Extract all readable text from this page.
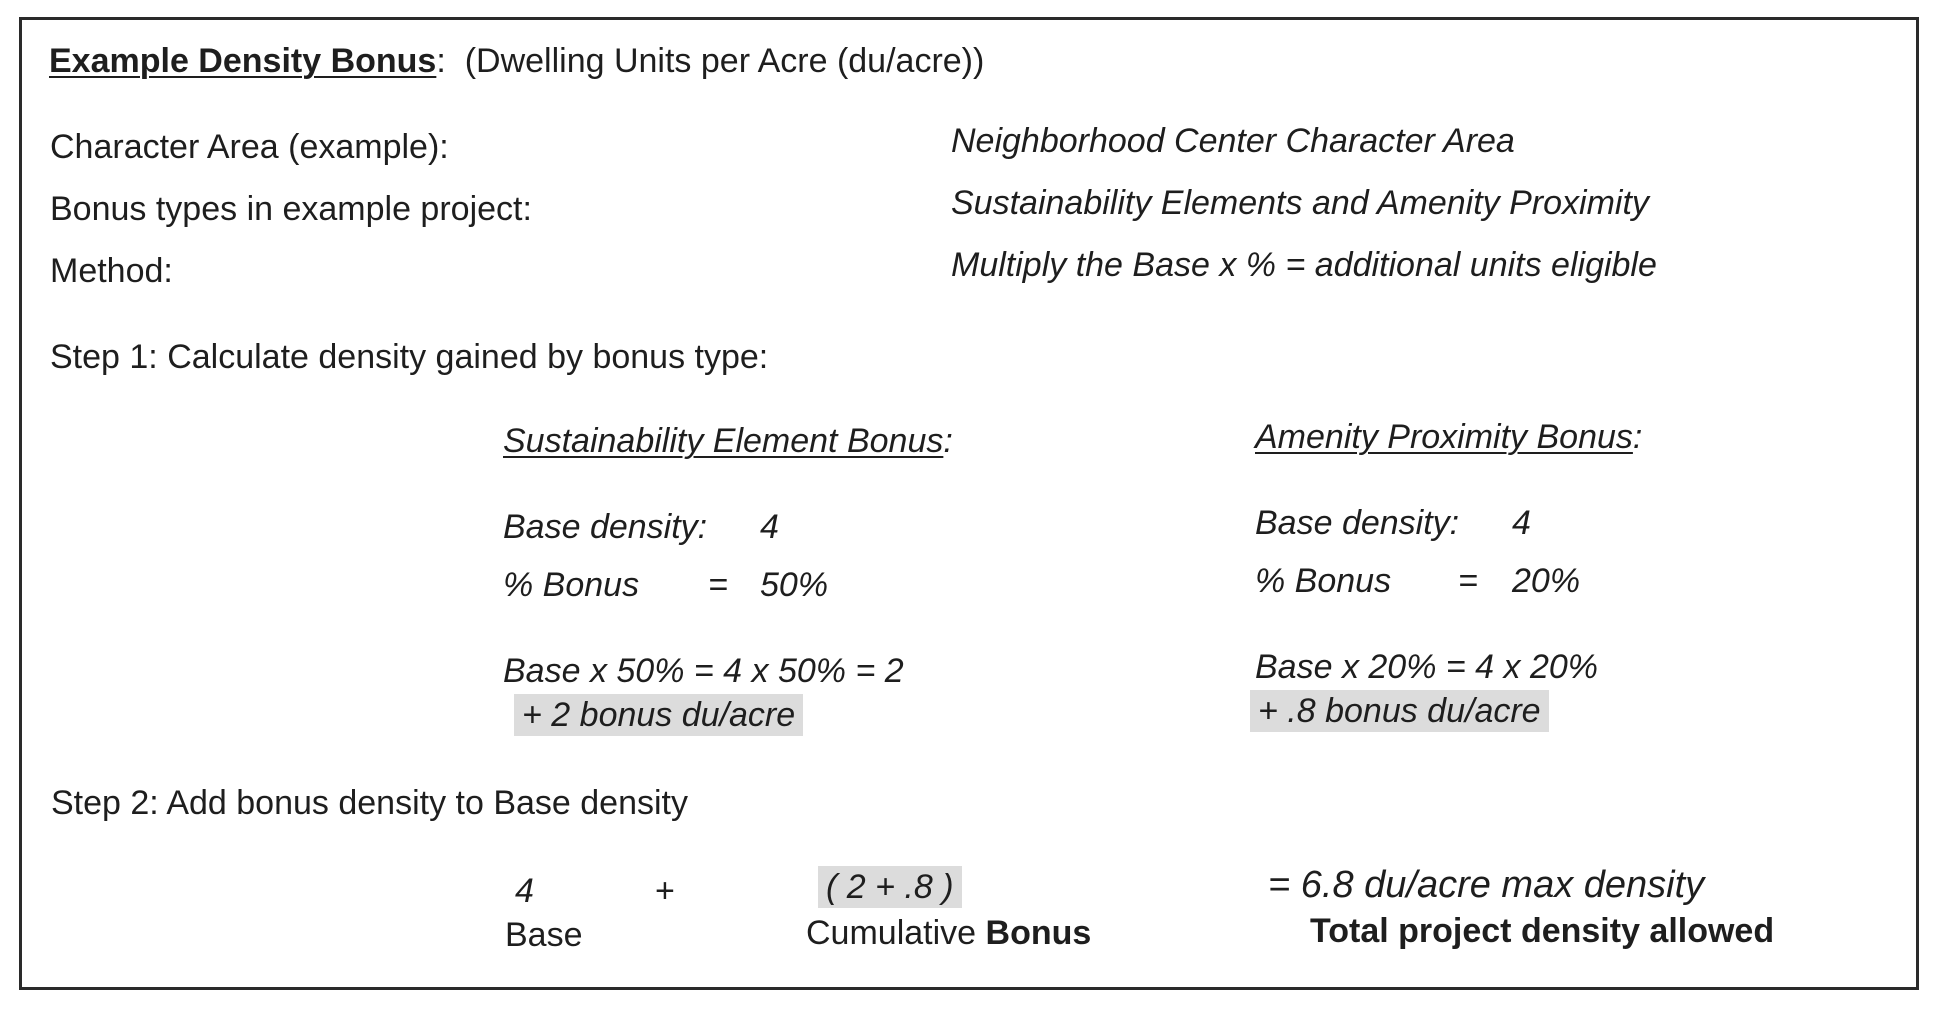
Example Density Bonus: (Dwelling Units per Acre (du/acre))
Character Area (example):	Neighborhood Center Character Area
Bonus types in example project:	Sustainability Elements and Amenity Proximity
Method:	Multiply the Base x % = additional units eligible
Step 1: Calculate density gained by bonus type:
Sustainability Element Bonus:
Base density: 4
% Bonus = 50%
Base x 50% = 4 x 50% = 2
+ 2 bonus du/acre
Amenity Proximity Bonus:
Base density: 4
% Bonus = 20%
Base x 20% = 4 x 20%
+ .8 bonus du/acre
Step 2: Add bonus density to Base density
4
Base
+	( 2 + .8 )
Cumulative Bonus
= 6.8 du/acre max density
Total project density allowed
